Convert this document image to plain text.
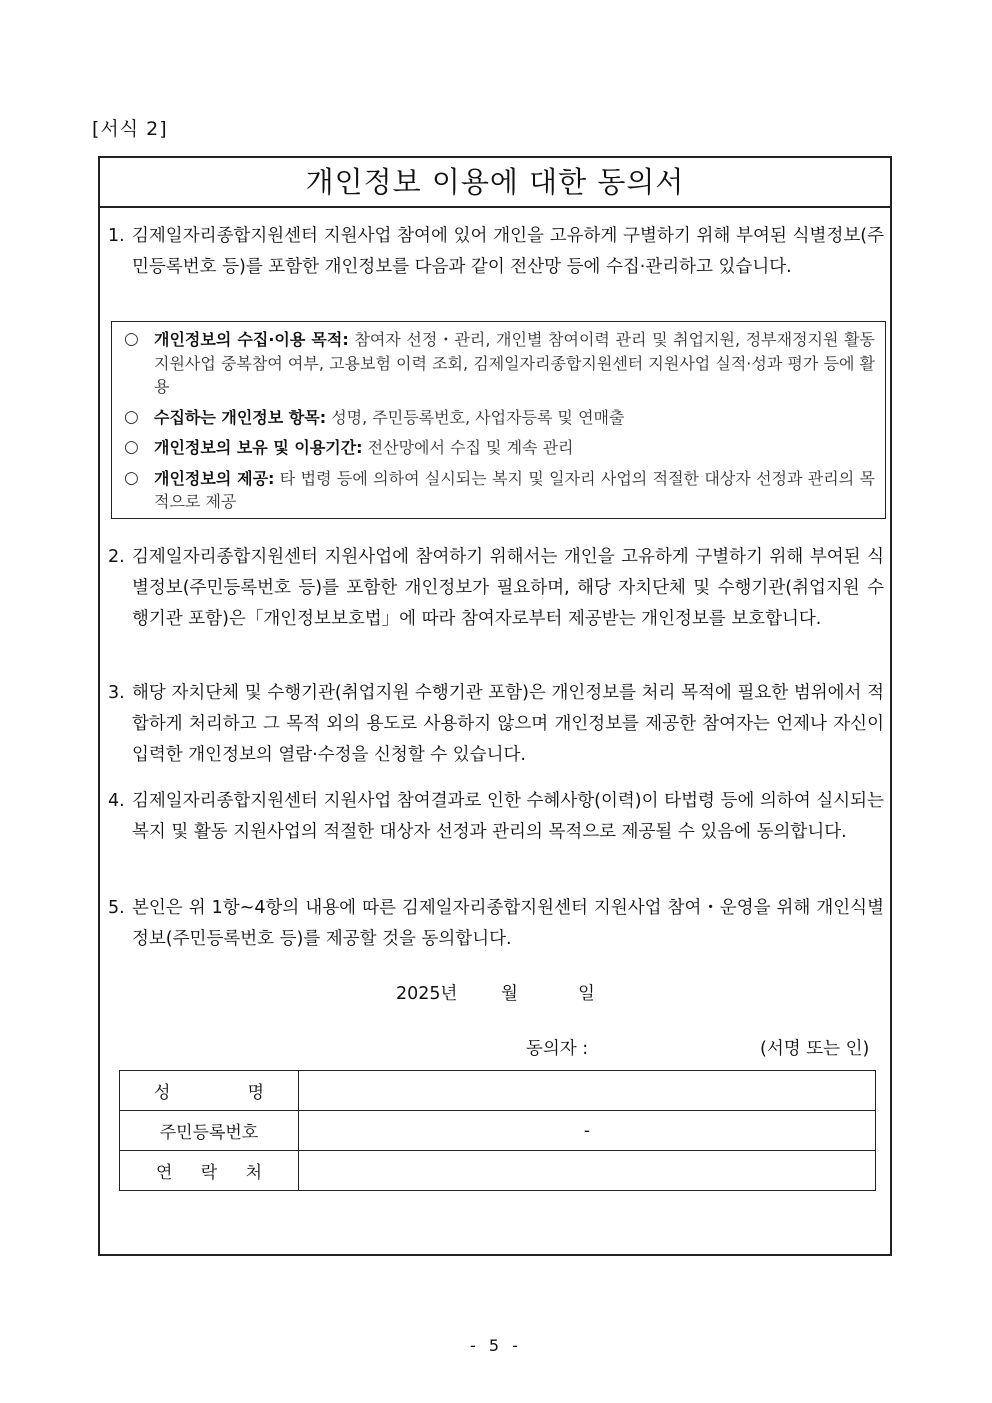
[서식 2]
개인정보 이용에 대한 동의서
1. 김제일자리종합지원센터 지원사업 참여에 있어 개인을 고유하게 구별하기 위해 부여된 식별정보(주민등록번호 등)를 포함한 개인정보를 다음과 같이 전산망 등에 수집·관리하고 있습니다.
○ 개인정보의 수집·이용 목적: 참여자 선정・관리, 개인별 참여이력 관리 및 취업지원, 정부재정지원 활동 지원사업 중복참여 여부, 고용보험 이력 조회, 김제일자리종합지원센터 지원사업 실적·성과 평가 등에 활용
○ 수집하는 개인정보 항목: 성명, 주민등록번호, 사업자등록 및 연매출
○ 개인정보의 보유 및 이용기간: 전산망에서 수집 및 계속 관리
○ 개인정보의 제공: 타 법령 등에 의하여 실시되는 복지 및 일자리 사업의 적절한 대상자 선정과 관리의 목적으로 제공
2. 김제일자리종합지원센터 지원사업에 참여하기 위해서는 개인을 고유하게 구별하기 위해 부여된 식별정보(주민등록번호 등)를 포함한 개인정보가 필요하며, 해당 자치단체 및 수행기관(취업지원 수행기관 포함)은「개인정보보호법」에 따라 참여자로부터 제공받는 개인정보를 보호합니다.
3. 해당 자치단체 및 수행기관(취업지원 수행기관 포함)은 개인정보를 처리 목적에 필요한 범위에서 적합하게 처리하고 그 목적 외의 용도로 사용하지 않으며 개인정보를 제공한 참여자는 언제나 자신이 입력한 개인정보의 열람·수정을 신청할 수 있습니다.
4. 김제일자리종합지원센터 지원사업 참여결과로 인한 수혜사항(이력)이 타법령 등에 의하여 실시되는 복지 및 활동 지원사업의 적절한 대상자 선정과 관리의 목적으로 제공될 수 있음에 동의합니다.
5. 본인은 위 1항~4항의 내용에 따른 김제일자리종합지원센터 지원사업 참여・운영을 위해 개인식별정보(주민등록번호 등)를 제공할 것을 동의합니다.
2025년 월	일
동의자 :	(서명 또는 인)
성 명	

주민등록번호	-

연 락 처	

- 5 -
